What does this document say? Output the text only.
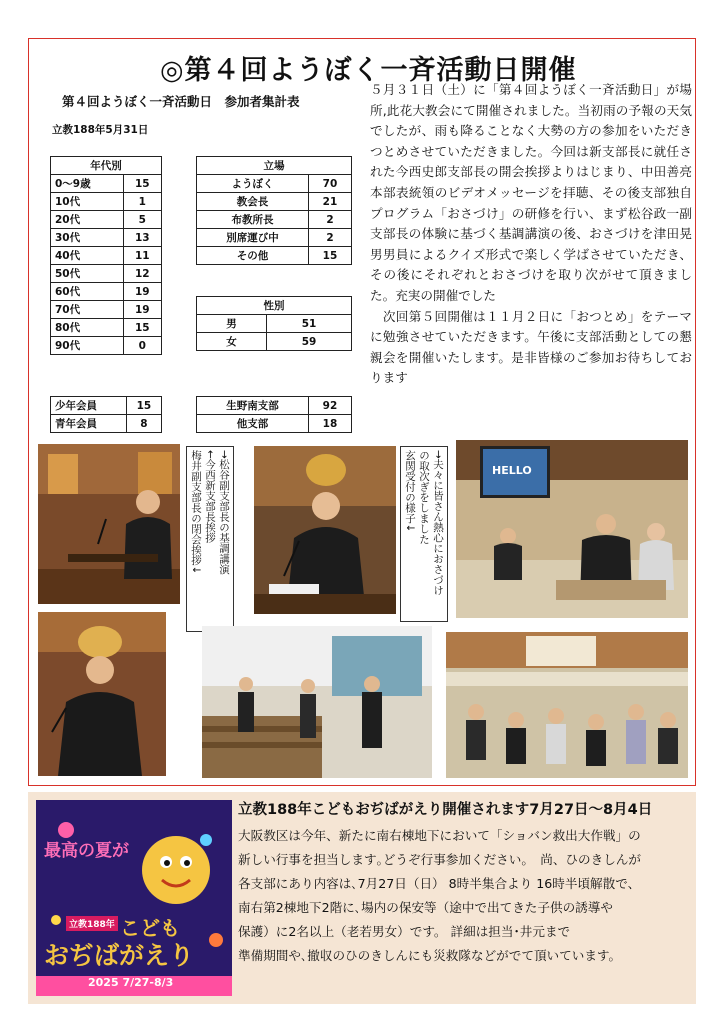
◎第４回ようぼく一斉活動日開催
第４回ようぼく一斉活動日　参加者集計表
立教188年5月31日
年代別	
0～9歳	15
10代	1
20代	5
30代	13
40代	11
50代	12
60代	19
70代	19
80代	15
90代	0
立場	
ようぼく	70
教会長	21
布教所長	2
別席運び中	2
その他	15
性別	
男	51
女	59
少年会員	15
青年会員	8
生野南支部	92
他支部	18

５月３１日（土）に「第４回ようぼく一斉活動日」が場所,此花大教会にて開催されました。当初雨の予報の天気でしたが、雨も降ることなく大勢の方の参加をいただきつとめさせていただきました。今回は新支部長に就任された今西史郎支部長の開会挨拶よりはじまり、中田善亮本部表統領のビデオメッセージを拝聴、その後支部独自プログラム「おさづけ」の研修を行い、まず松谷政一副支部長の体験に基づく基調講演の後、おさづけを津田晃男男員によるクイズ形式で楽しく学ばさせていただき、その後にそれぞれとおさづけを取り次がせて頂きました。充実の開催でした

　次回第５回開催は１１月２日に「おつとめ」をテーマに勉強させていただきます。午後に支部活動としての懇親会を開催いたします。是非皆様のご参加お待ちしております

→松谷副支部長の基調講演
←今西新支部長挨拶
梅井副支部長の閉会挨拶↓	→夫々に皆さん熱心におさづけ
の取次ぎをしました
玄関受付の様子↓	HELLO
最高の夏が
立教188年 こども
おぢばがえり
2025 7/27-8/3
立教188年こどもおぢばがえり開催されます7月27日～8月4日

大阪教区は今年、新たに南右棟地下において「ショバン救出大作戦」の

新しい行事を担当します｡どうぞ行事参加ください。　尚、ひのきしんが

各支部にあり内容は､7月27日（日） 8時半集合より 16時半頃解散で、

南右第2棟地下2階に､場内の保安等（途中で出てきた子供の誘導や

保護）に2名以上（老若男女）です。 詳細は担当･井元まで

準備期間や､撤収のひのきしんにも災救隊などがでて頂いています。
